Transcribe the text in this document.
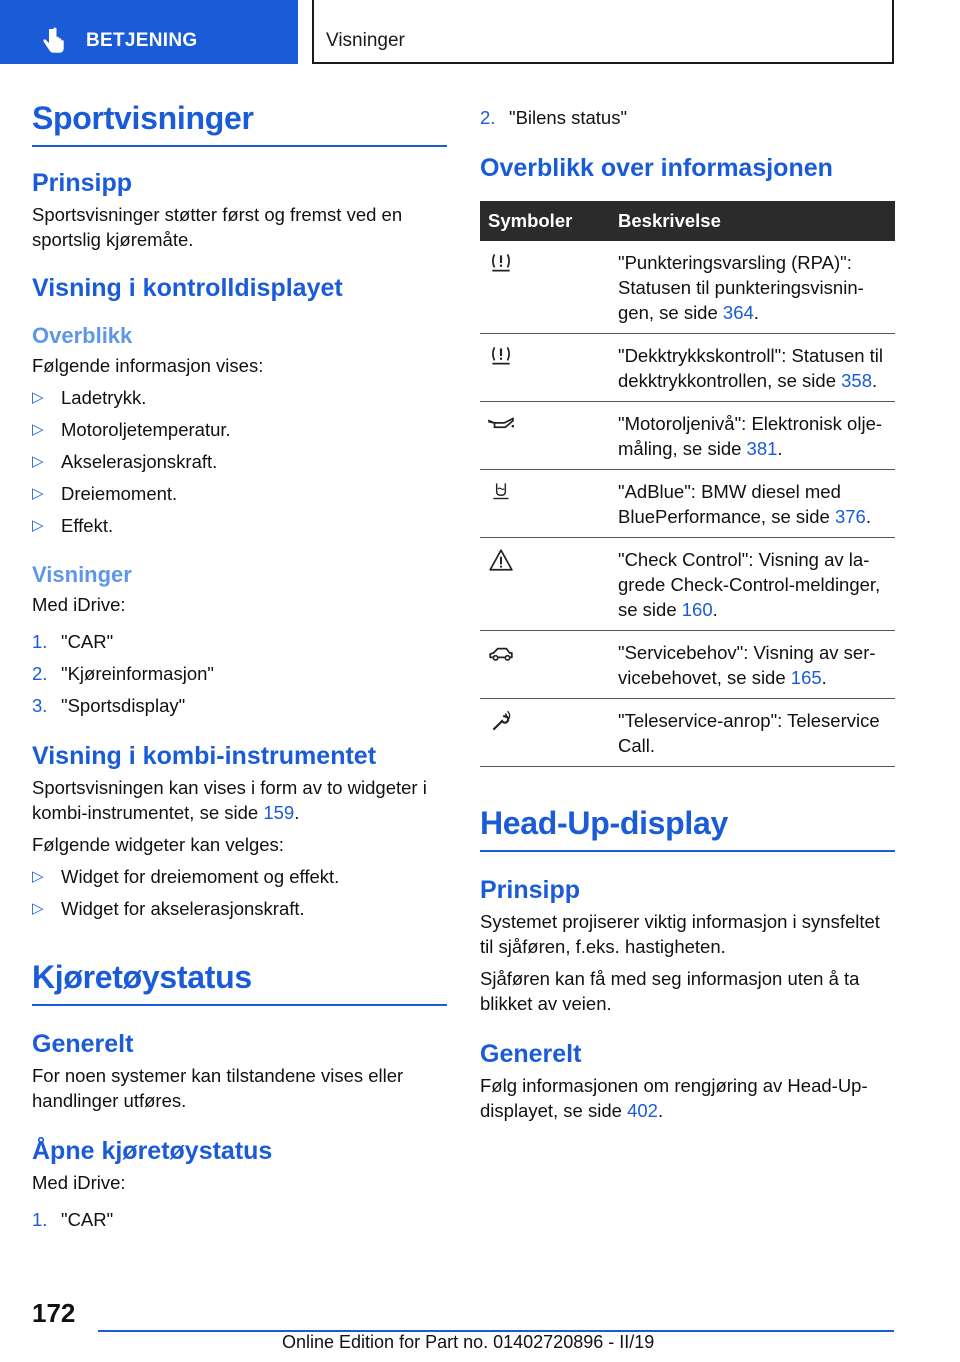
BETJENING	Visninger
Sportvisninger
Prinsipp

Sportsvisninger støtter først og fremst ved en sportslig kjøremåte.

Visning i kontrolldisplayet
Overblikk

Følgende informasjon vises:

▷ Ladetrykk.
▷ Motoroljetemperatur.
▷ Akselerasjonskraft.
▷ Dreiemoment.
▷ Effekt.
Visninger

Med iDrive:

1. "CAR"
2. "Kjøreinformasjon"
3. "Sportsdisplay"
Visning i kombi-instrumentet

Sportsvisningen kan vises i form av to widgeter i kombi-instrumentet, se side 159.

Følgende widgeter kan velges:

▷ Widget for dreiemoment og effekt.
▷ Widget for akselerasjonskraft.
Kjøretøystatus
Generelt

For noen systemer kan tilstandene vises eller handlinger utføres.

Åpne kjøretøystatus

Med iDrive:

1. "CAR"
2. "Bilens status"
Overblikk over informasjonen
Symboler	Beskrivelse
	"Punkteringsvarsling (RPA)": Statusen til punkteringsvisningen, se side 364.
	"Dekktrykkskontroll": Statusen til dekktrykkontrollen, se side 358.
	"Motoroljenivå": Elektronisk oljemåling, se side 381.
	"AdBlue": BMW diesel med BluePerformance, se side 376.
	"Check Control": Visning av lagrede Check-Control-meldinger, se side 160.
	"Servicebehov": Visning av servicebehovet, se side 165.
	"Teleservice-anrop": Teleservice Call.
Head-Up-display
Prinsipp

Systemet projiserer viktig informasjon i synsfeltet til sjåføren, f.eks. hastigheten.

Sjåføren kan få med seg informasjon uten å ta blikket av veien.

Generelt

Følg informasjonen om rengjøring av Head-Up-displayet, se side 402.

172
Online Edition for Part no. 01402720896 - II/19
